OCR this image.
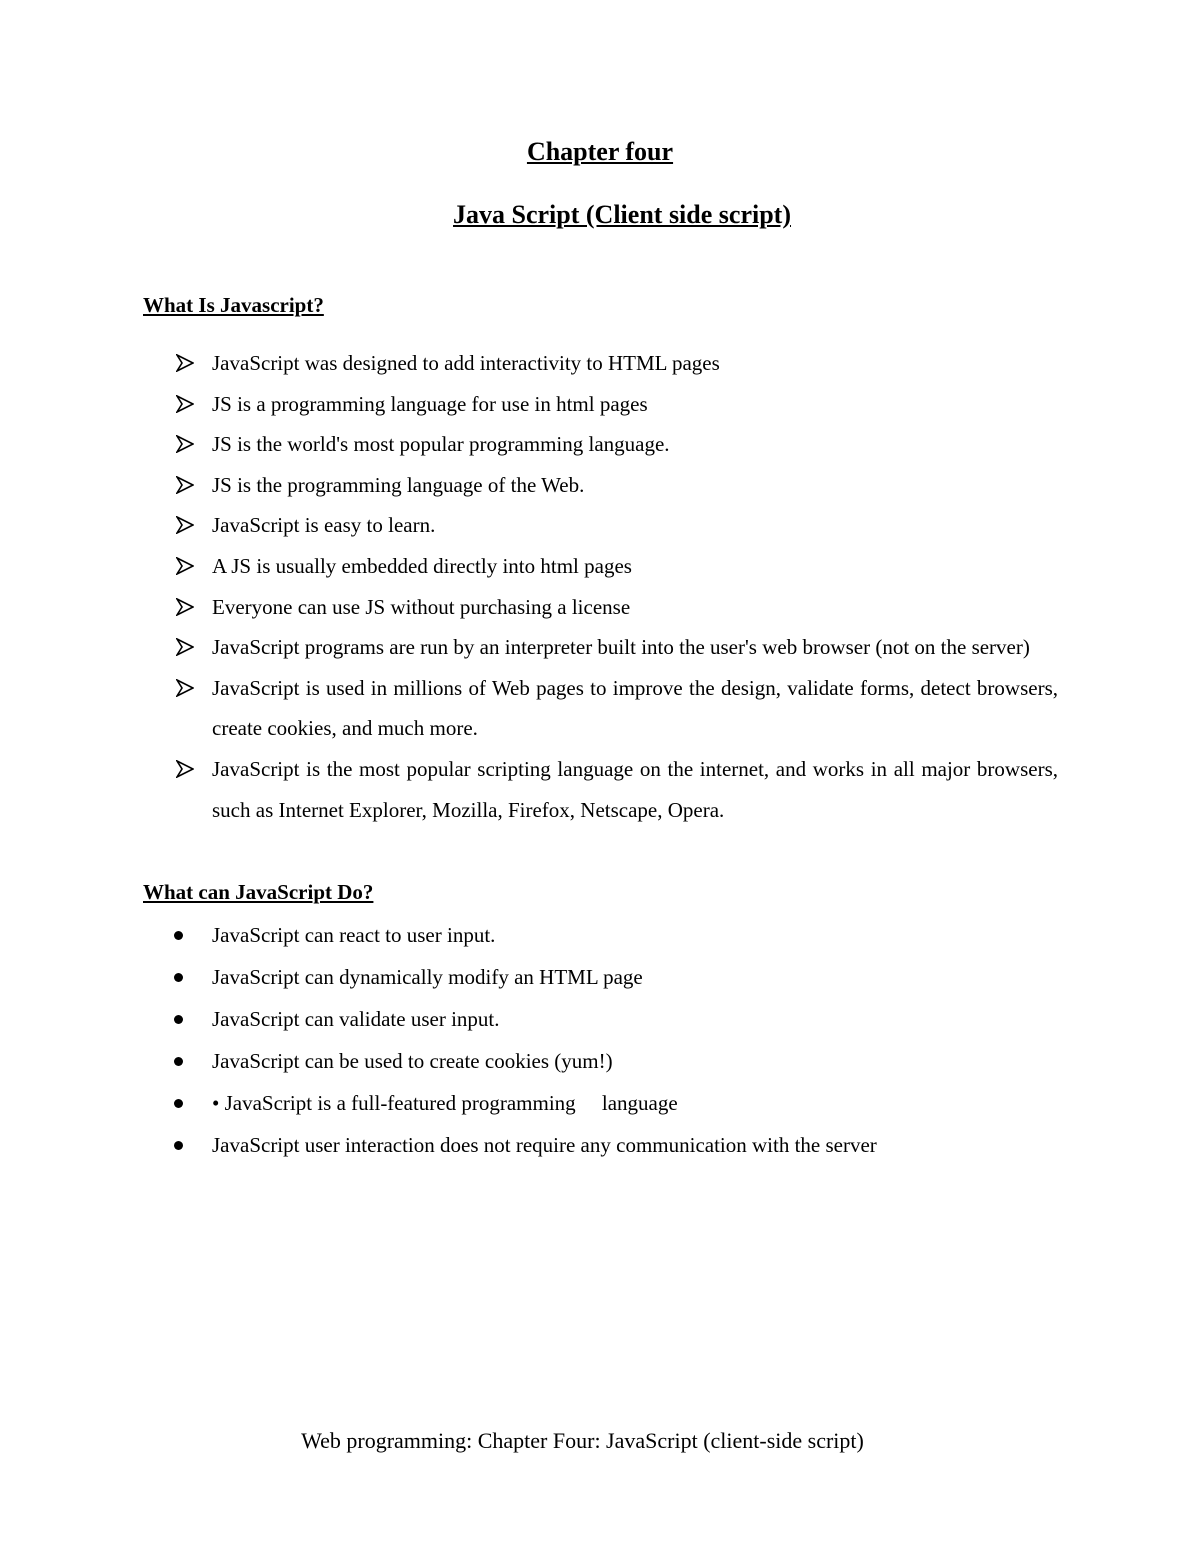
Chapter four
Java Script (Client side script)
What Is Javascript?
JavaScript was designed to add interactivity to HTML pages
JS is a programming language for use in html pages
JS is the world's most popular programming language.
JS is the programming language of the Web.
JavaScript is easy to learn.
A JS is usually embedded directly into html pages
Everyone can use JS without purchasing a license
JavaScript programs are run by an interpreter built into the user's web browser (not on the server)
JavaScript is used in millions of Web pages to improve the design, validate forms, detect browsers, create cookies, and much more.
JavaScript is the most popular scripting language on the internet, and works in all major browsers, such as Internet Explorer, Mozilla, Firefox, Netscape, Opera.
What can JavaScript Do?
JavaScript can react to user input.
JavaScript can dynamically modify an HTML page
JavaScript can validate user input.
JavaScript can be used to create cookies (yum!)
• JavaScript is a full-featured programming     language
JavaScript user interaction does not require any communication with the server
Web programming: Chapter Four: JavaScript (client-side script)
